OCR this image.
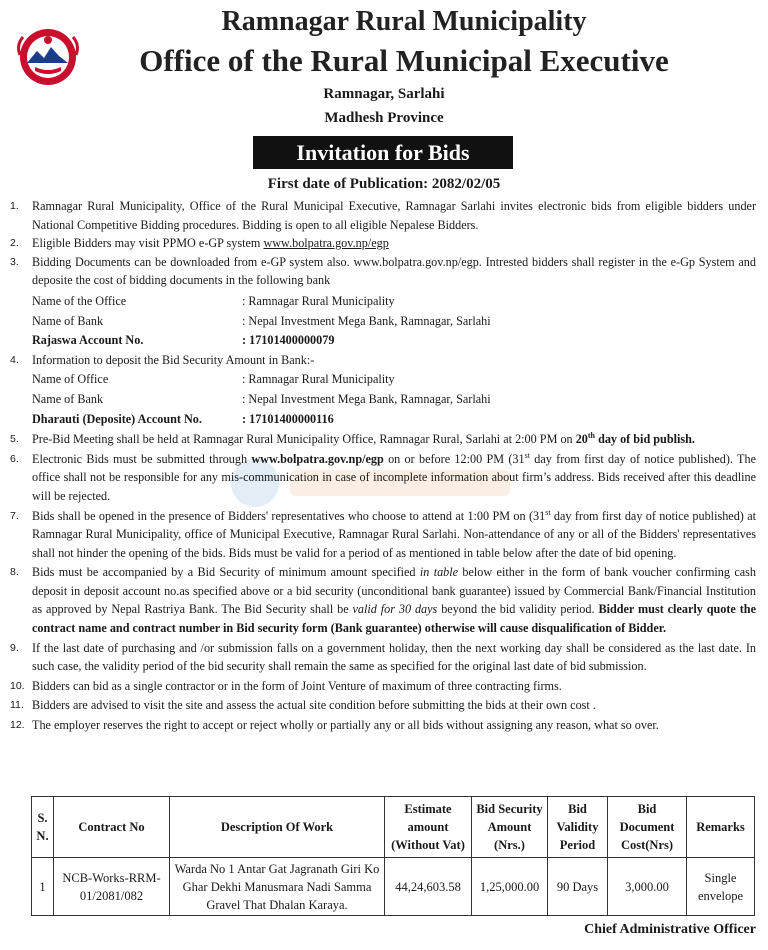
Ramnagar Rural Municipality
Office of the Rural Municipal Executive
Ramnagar, Sarlahi
Madhesh Province
Invitation for Bids
First date of Publication: 2082/02/05
1. Ramnagar Rural Municipality, Office of the Rural Municipal Executive, Ramnagar Sarlahi invites electronic bids from eligible bidders under National Competitive Bidding procedures. Bidding is open to all eligible Nepalese Bidders.
2. Eligible Bidders may visit PPMO e-GP system www.bolpatra.gov.np/egp
3. Bidding Documents can be downloaded from e-GP system also. www.bolpatra.gov.np/egp. Intrested bidders shall register in the e-Gp System and deposite the cost of bidding documents in the following bank
Name of the Office	: Ramnagar Rural Municipality
Name of Bank	: Nepal Investment Mega Bank, Ramnagar, Sarlahi
Rajaswa Account No.	: 17101400000079
4. Information to deposit the Bid Security Amount in Bank:-
Name of Office	: Ramnagar Rural Municipality
Name of Bank	: Nepal Investment Mega Bank, Ramnagar, Sarlahi
Dharauti (Deposite) Account No.	: 17101400000116
5. Pre-Bid Meeting shall be held at Ramnagar Rural Municipality Office, Ramnagar Rural, Sarlahi at 2:00 PM on 20th day of bid publish.
6. Electronic Bids must be submitted through www.bolpatra.gov.np/egp on or before 12:00 PM (31st day from first day of notice published). The office shall not be responsible for any mis-communication in case of incomplete information about firm’s address. Bids received after this deadline will be rejected.
7. Bids shall be opened in the presence of Bidders' representatives who choose to attend at 1:00 PM on (31st day from first day of notice published) at Ramnagar Rural Municipality, office of Municipal Executive, Ramnagar Rural Sarlahi. Non-attendance of any or all of the Bidders' representatives shall not hinder the opening of the bids. Bids must be valid for a period of as mentioned in table below after the date of bid opening.
8. Bids must be accompanied by a Bid Security of minimum amount specified in table below either in the form of bank voucher confirming cash deposit in deposit account no.as specified above or a bid security (unconditional bank guarantee) issued by Commercial Bank/Financial Institution as approved by Nepal Rastriya Bank. The Bid Security shall be valid for 30 days beyond the bid validity period. Bidder must clearly quote the contract name and contract number in Bid security form (Bank guarantee) otherwise will cause disqualification of Bidder.
9. If the last date of purchasing and /or submission falls on a government holiday, then the next working day shall be considered as the last date. In such case, the validity period of the bid security shall remain the same as specified for the original last date of bid submission.
10. Bidders can bid as a single contractor or in the form of Joint Venture of maximum of three contracting firms.
11. Bidders are advised to visit the site and assess the actual site condition before submitting the bids at their own cost .
12. The employer reserves the right to accept or reject wholly or partially any or all bids without assigning any reason, what so over.
S. N.	Contract No	Description Of Work	Estimate amount (Without Vat)	Bid Security Amount (Nrs.)	Bid Validity Period	Bid Document Cost(Nrs)	Remarks
1	NCB-Works-RRM-01/2081/082	Warda No 1 Antar Gat Jagranath Giri Ko Ghar Dekhi Manusmara Nadi Samma Gravel That Dhalan Karaya.	44,24,603.58	1,25,000.00	90 Days	3,000.00	Single envelope
Chief Administrative Officer
